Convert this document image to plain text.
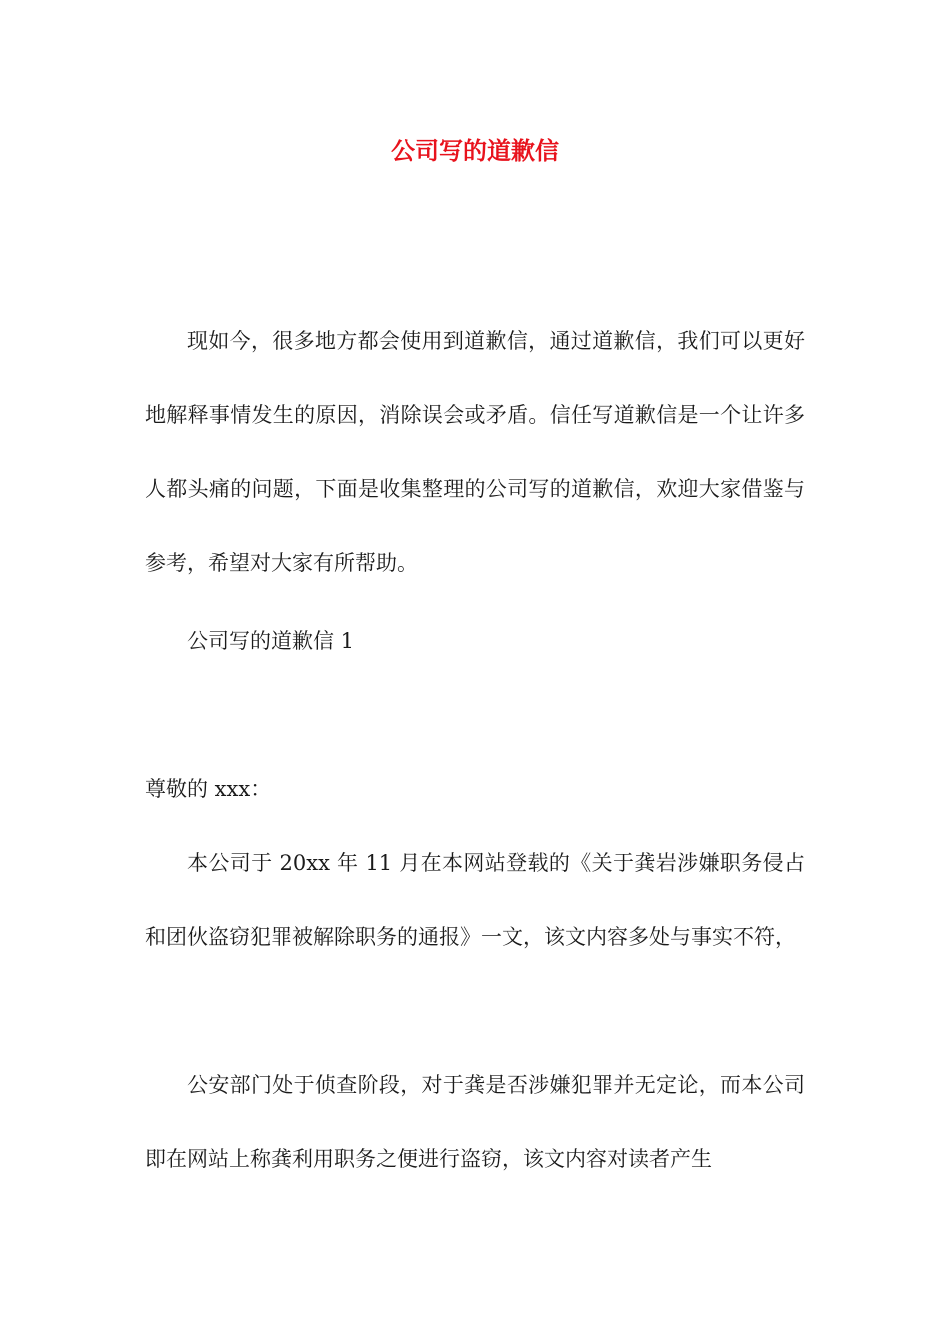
公司写的道歉信

现如今，很多地方都会使用到道歉信，通过道歉信，我们可以更好地解释事情发生的原因，消除误会或矛盾。信任写道歉信是一个让许多人都头痛的问题，下面是收集整理的公司写的道歉信，欢迎大家借鉴与参考，希望对大家有所帮助。

公司写的道歉信 1

尊敬的 xxx：

本公司于 20xx 年 11 月在本网站登载的《关于龚岩涉嫌职务侵占和团伙盗窃犯罪被解除职务的通报》一文，该文内容多处与事实不符，

公安部门处于侦查阶段，对于龚是否涉嫌犯罪并无定论，而本公司即在网站上称龚利用职务之便进行盗窃，该文内容对读者产生
